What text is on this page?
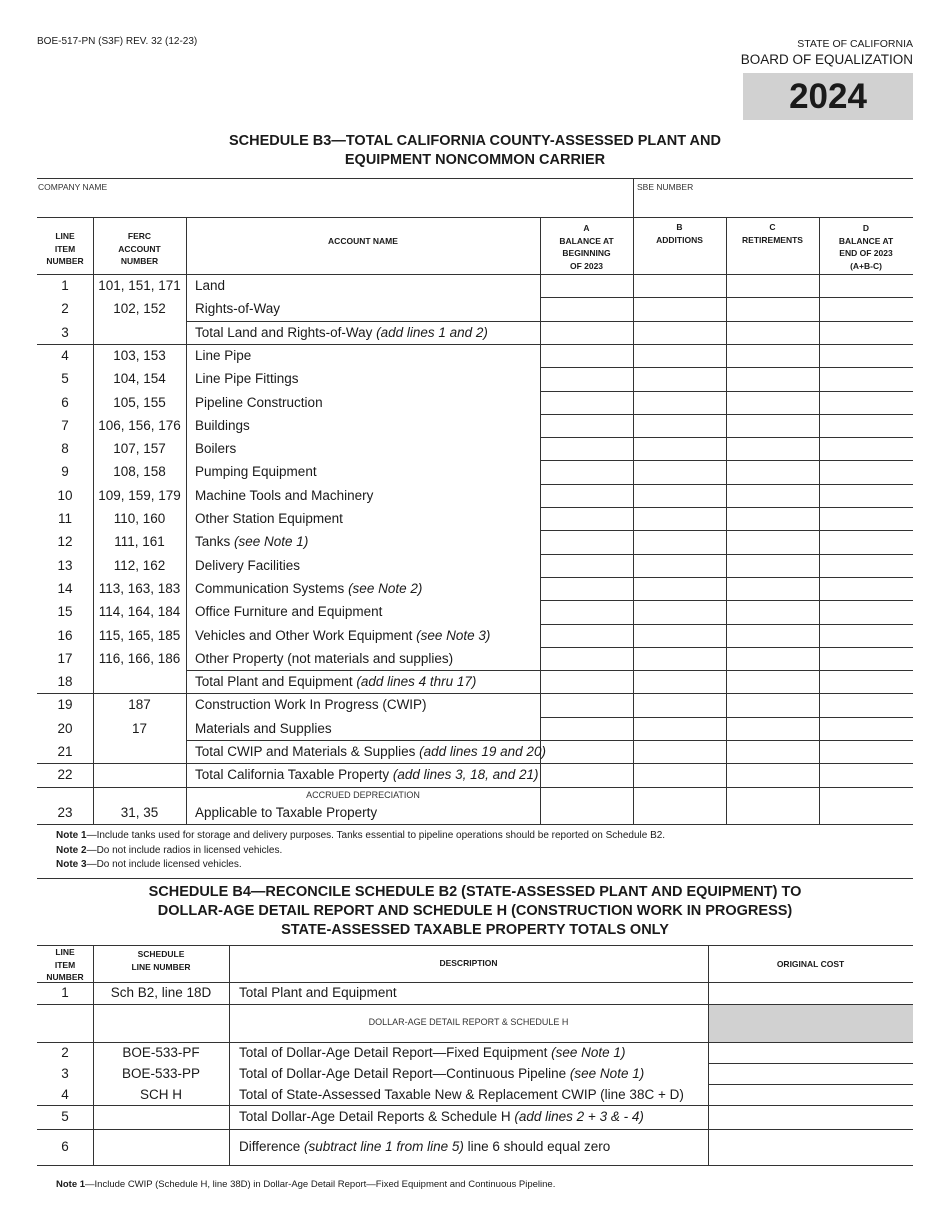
BOE-517-PN (S3F) REV. 32 (12-23)	STATE OF CALIFORNIA
BOARD OF EQUALIZATION
2024
SCHEDULE B3—TOTAL CALIFORNIA COUNTY-ASSESSED PLANT AND
EQUIPMENT NONCOMMON CARRIER
COMPANY NAME	SBE NUMBER
LINE
ITEM
NUMBER
FERC
ACCOUNT
NUMBER
ACCOUNT NAME
A
BALANCE AT
BEGINNING
OF 2023
B
ADDITIONS
C
RETIREMENTS
D
BALANCE AT
END OF 2023
(A+B-C)
1	101, 151, 171	Land
2	102, 152	Rights-of-Way
3	Total Land and Rights-of-Way (add lines 1 and 2)
4	103, 153	Line Pipe
5	104, 154	Line Pipe Fittings
6	105, 155	Pipeline Construction
7	106, 156, 176	Buildings
8	107, 157	Boilers
9	108, 158	Pumping Equipment
10	109, 159, 179	Machine Tools and Machinery
11	110, 160	Other Station Equipment
12	111, 161	Tanks (see Note 1)
13	112, 162	Delivery Facilities
14	113, 163, 183	Communication Systems (see Note 2)
15	114, 164, 184	Office Furniture and Equipment
16	115, 165, 185	Vehicles and Other Work Equipment (see Note 3)
17	116, 166, 186	Other Property (not materials and supplies)
18	Total Plant and Equipment (add lines 4 thru 17)
19	187	Construction Work In Progress (CWIP)
20	17	Materials and Supplies
21	Total CWIP and Materials & Supplies (add lines 19 and 20)
22	Total California Taxable Property (add lines 3, 18, and 21)
23	31, 35	Applicable to Taxable Property
ACCRUED DEPRECIATION
Note 1—Include tanks used for storage and delivery purposes. Tanks essential to pipeline operations should be reported on Schedule B2.
Note 2—Do not include radios in licensed vehicles.
Note 3—Do not include licensed vehicles.
SCHEDULE B4—RECONCILE SCHEDULE B2 (STATE-ASSESSED PLANT AND EQUIPMENT) TO
DOLLAR-AGE DETAIL REPORT AND SCHEDULE H (CONSTRUCTION WORK IN PROGRESS)
STATE-ASSESSED TAXABLE PROPERTY TOTALS ONLY
LINE
ITEM
NUMBER
SCHEDULE
LINE NUMBER	DESCRIPTION	ORIGINAL COST
1	Sch B2, line 18D	Total Plant and Equipment
DOLLAR-AGE DETAIL REPORT & SCHEDULE H
2	BOE-533-PF	Total of Dollar-Age Detail Report—Fixed Equipment (see Note 1)
3	BOE-533-PP	Total of Dollar-Age Detail Report—Continuous Pipeline (see Note 1)
4	SCH H	Total of State-Assessed Taxable New & Replacement CWIP (line 38C + D)
5	Total Dollar-Age Detail Reports & Schedule H (add lines 2 + 3 & - 4)
6	Difference (subtract line 1 from line 5) line 6 should equal zero
Note 1—Include CWIP (Schedule H, line 38D) in Dollar-Age Detail Report—Fixed Equipment and Continuous Pipeline.
